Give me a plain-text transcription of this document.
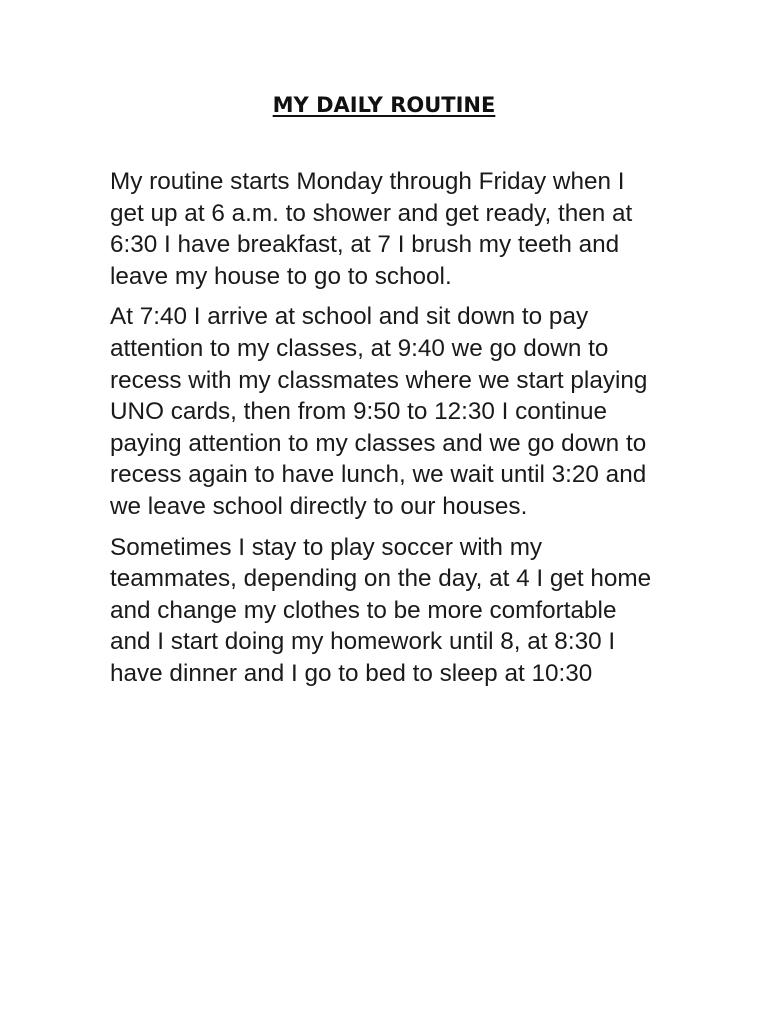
MY DAILY ROUTINE

My routine starts Monday through Friday when I get up at 6 a.m. to shower and get ready, then at 6:30 I have breakfast, at 7 I brush my teeth and leave my house to go to school.

At 7:40 I arrive at school and sit down to pay attention to my classes, at 9:40 we go down to recess with my classmates where we start playing UNO cards, then from 9:50 to 12:30 I continue paying attention to my classes and we go down to recess again to have lunch, we wait until 3:20 and we leave school directly to our houses.

Sometimes I stay to play soccer with my teammates, depending on the day, at 4 I get home and change my clothes to be more comfortable and I start doing my homework until 8, at 8:30 I have dinner and I go to bed to sleep at 10:30
